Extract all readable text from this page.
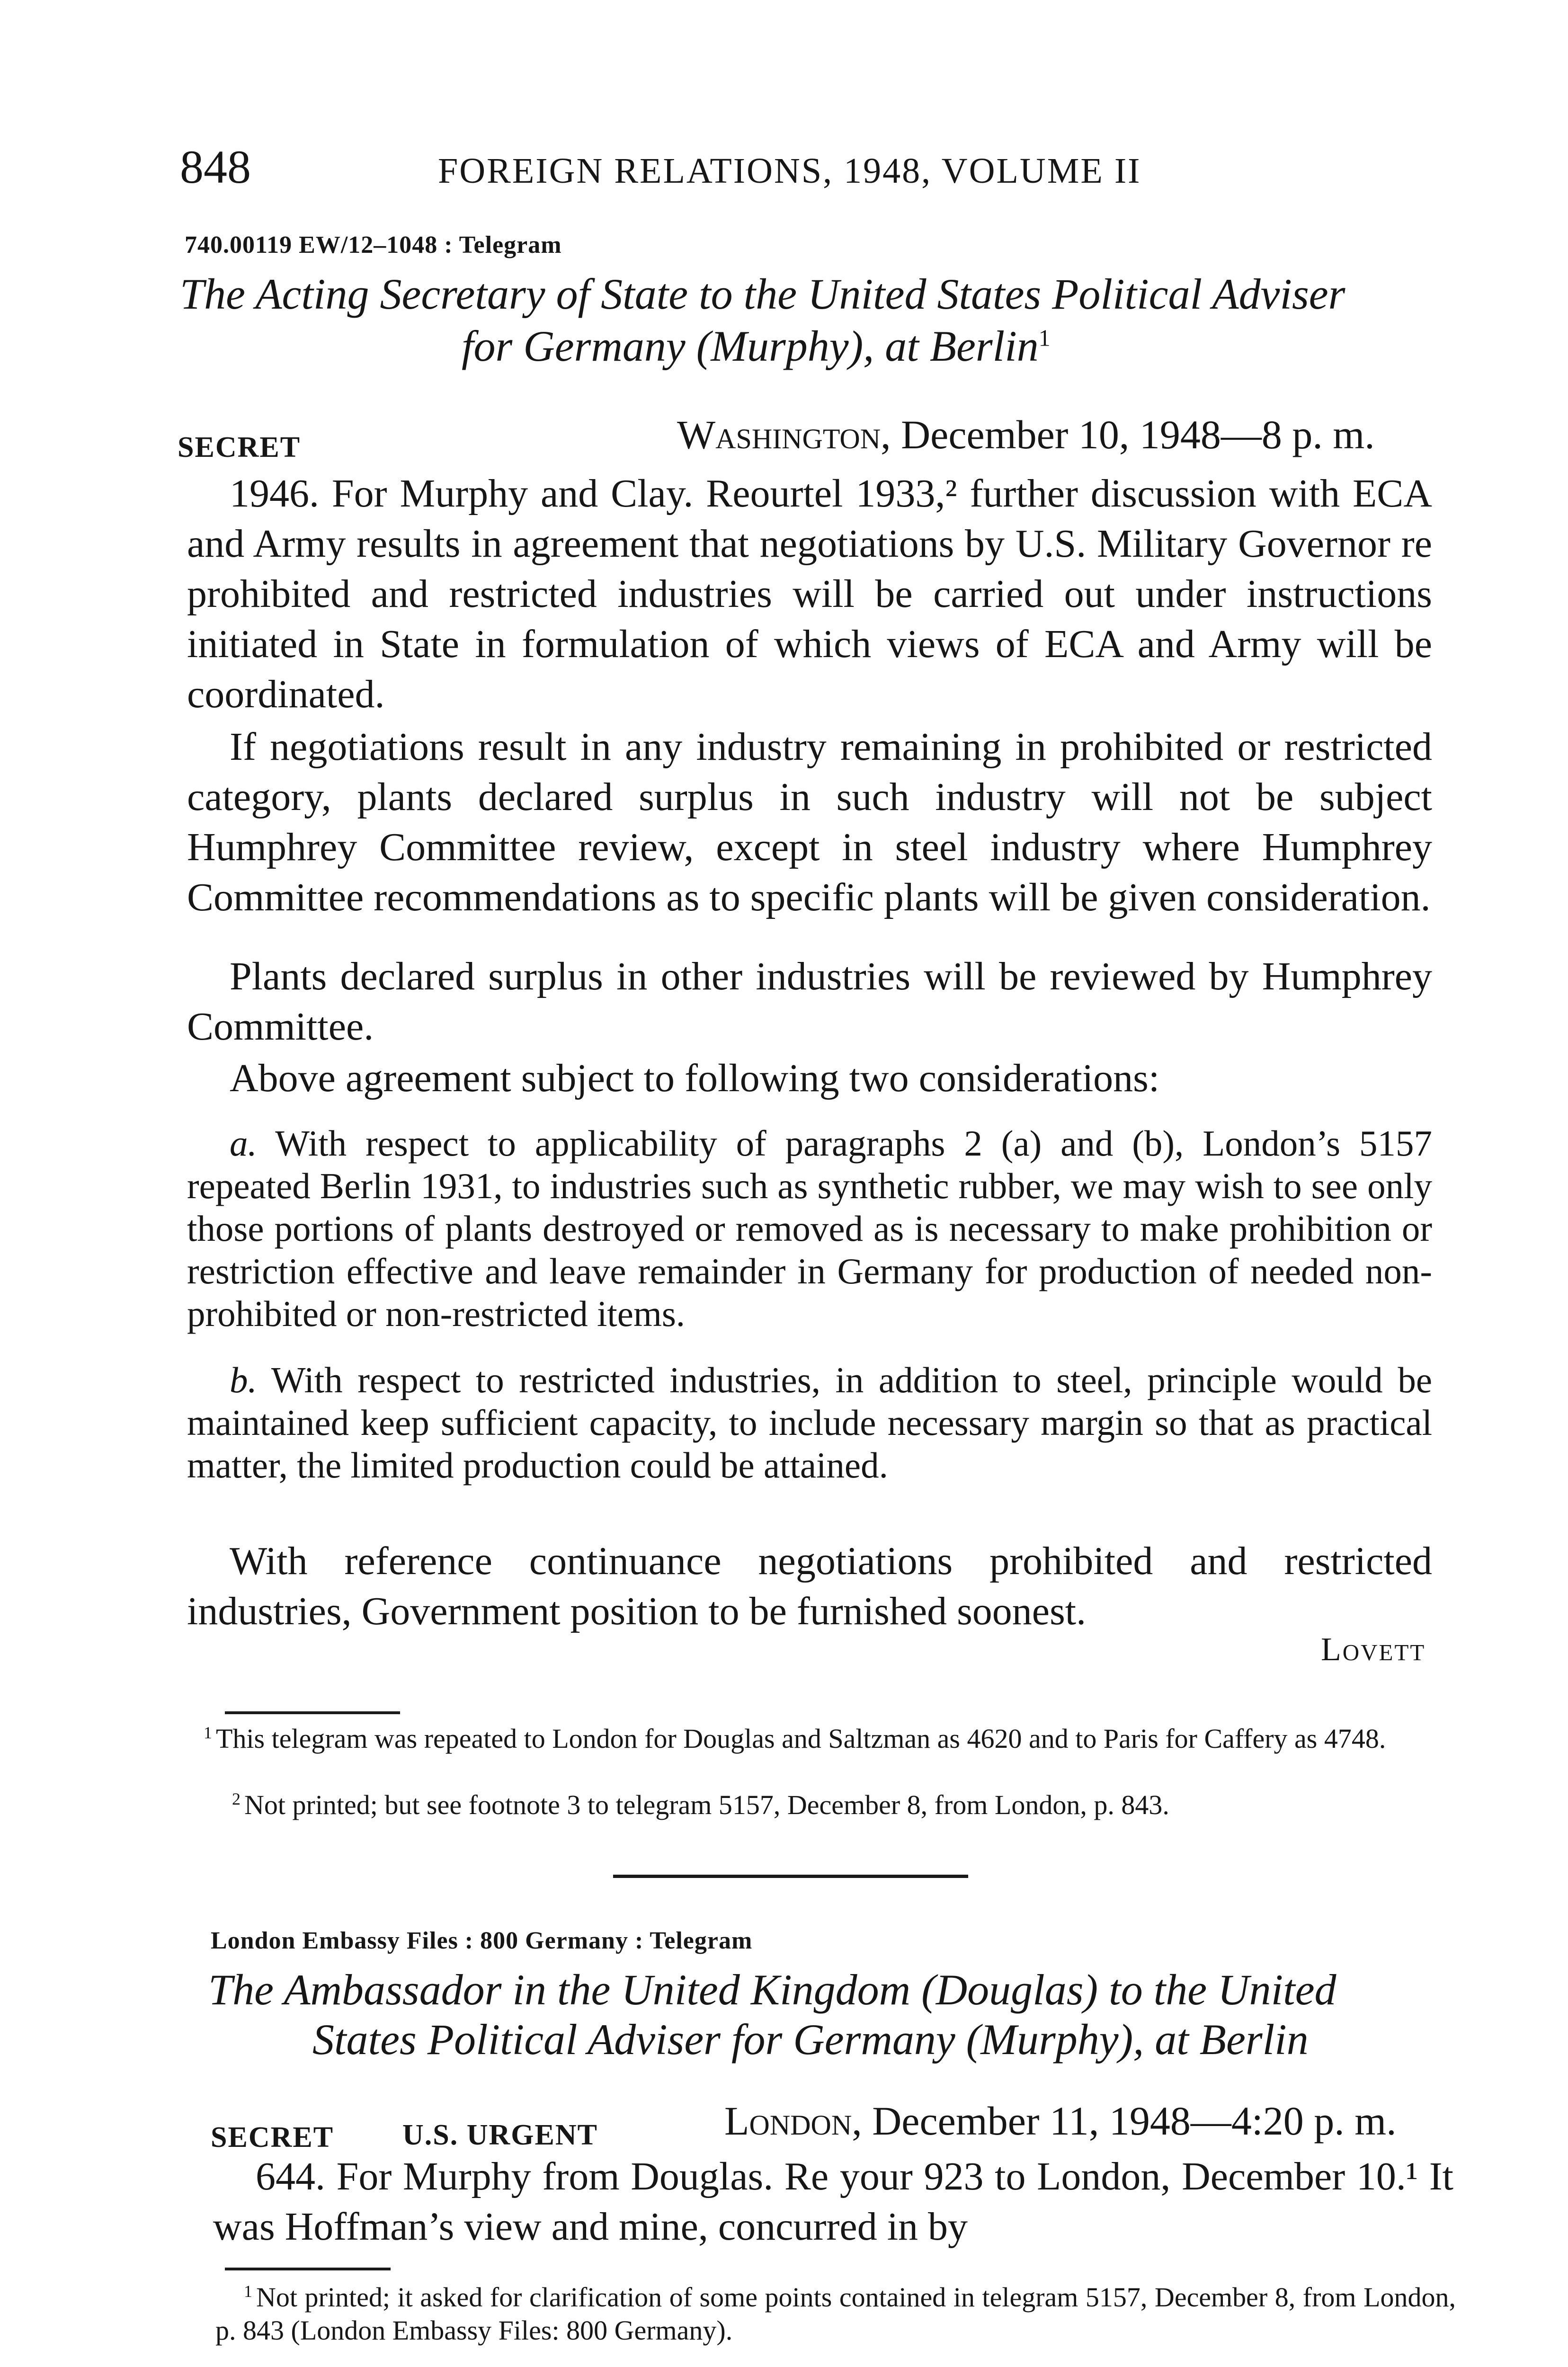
848	FOREIGN RELATIONS, 1948, VOLUME II
740.00119 EW/12–1048 : Telegram
The Acting Secretary of State to the United States Political Adviser
for Germany (Murphy), at Berlin$^1$
SECRET	Washington, December 10, 1948—8 p. m.
1946. For Murphy and Clay. Reourtel 1933,² further discussion with ECA and Army results in agreement that negotiations by U.S. Military Governor re prohibited and restricted industries will be carried out under instructions initiated in State in formulation of which views of ECA and Army will be coordinated.
If negotiations result in any industry remaining in prohibited or restricted category, plants declared surplus in such industry will not be subject Humphrey Committee review, except in steel industry where Humphrey Committee recommendations as to specific plants will be given consideration.
Plants declared surplus in other industries will be reviewed by Humphrey Committee.
Above agreement subject to following two considerations:
a. With respect to applicability of paragraphs 2 (a) and (b), London’s 5157 repeated Berlin 1931, to industries such as synthetic rubber, we may wish to see only those portions of plants destroyed or removed as is necessary to make prohibition or restriction effective and leave remainder in Germany for production of needed non-prohibited or non-restricted items.
b. With respect to restricted industries, in addition to steel, principle would be maintained keep sufficient capacity, to include necessary margin so that as practical matter, the limited production could be attained.
With reference continuance negotiations prohibited and restricted industries, Government position to be furnished soonest.
Lovett
$^1$ This telegram was repeated to London for Douglas and Saltzman as 4620 and to Paris for Caffery as 4748.
$^2$ Not printed; but see footnote 3 to telegram 5157, December 8, from London, p. 843.
London Embassy Files : 800 Germany : Telegram
The Ambassador in the United Kingdom (Douglas) to the United
States Political Adviser for Germany (Murphy), at Berlin
SECRET U.S. URGENT	London, December 11, 1948—4:20 p. m.
644. For Murphy from Douglas. Re your 923 to London, December 10.¹ It was Hoffman’s view and mine, concurred in by
$^1$ Not printed; it asked for clarification of some points contained in telegram 5157, December 8, from London, p. 843 (London Embassy Files: 800 Germany).
